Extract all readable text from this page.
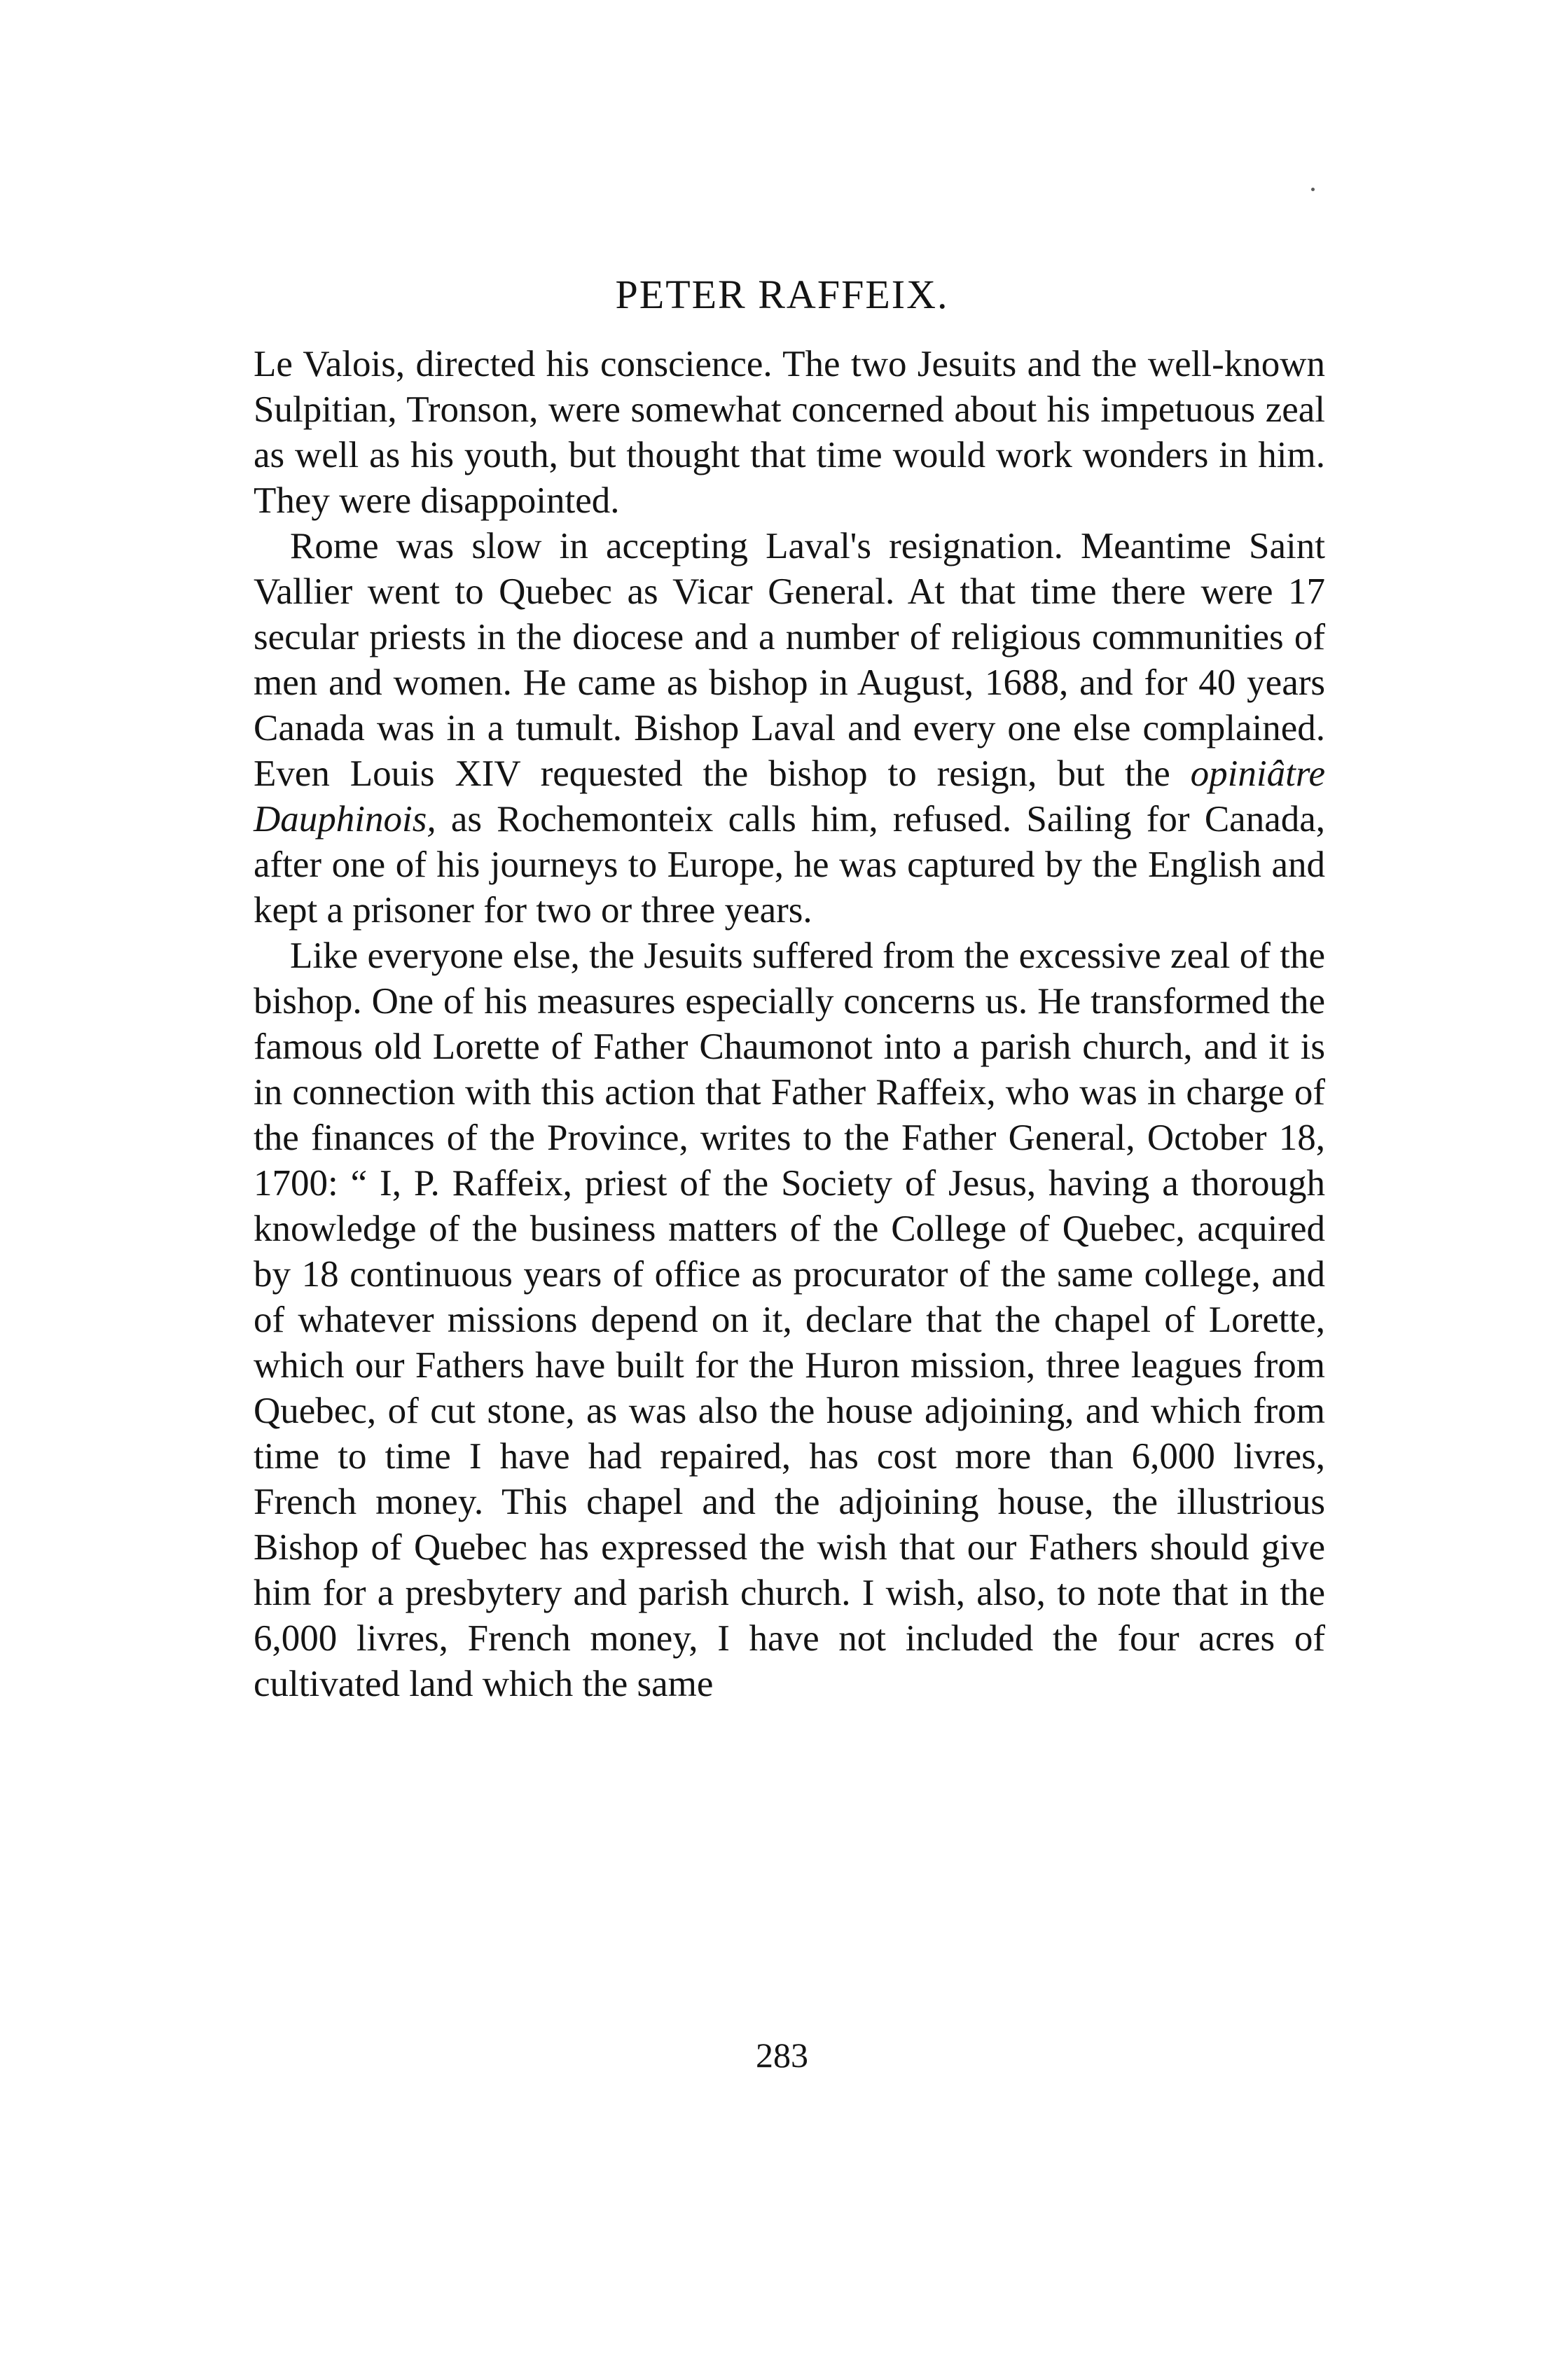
PETER RAFFEIX.

Le Valois, directed his conscience. The two Jesuits and the well-known Sulpitian, Tronson, were somewhat concerned about his impetuous zeal as well as his youth, but thought that time would work wonders in him. They were disappointed.

Rome was slow in accepting Laval's resignation. Meantime Saint Vallier went to Quebec as Vicar General. At that time there were 17 secular priests in the diocese and a number of religious communities of men and women. He came as bishop in August, 1688, and for 40 years Canada was in a tumult. Bishop Laval and every one else complained. Even Louis XIV requested the bishop to resign, but the opiniâtre Dauphinois, as Rochemonteix calls him, refused. Sailing for Canada, after one of his journeys to Europe, he was captured by the English and kept a prisoner for two or three years.

Like everyone else, the Jesuits suffered from the excessive zeal of the bishop. One of his measures especially concerns us. He transformed the famous old Lorette of Father Chaumonot into a parish church, and it is in connection with this action that Father Raffeix, who was in charge of the finances of the Province, writes to the Father General, October 18, 1700: “ I, P. Raffeix, priest of the Society of Jesus, having a thorough knowledge of the business matters of the College of Quebec, acquired by 18 continuous years of office as procurator of the same college, and of whatever missions depend on it, declare that the chapel of Lorette, which our Fathers have built for the Huron mission, three leagues from Quebec, of cut stone, as was also the house adjoining, and which from time to time I have had repaired, has cost more than 6,000 livres, French money. This chapel and the adjoining house, the illustrious Bishop of Quebec has expressed the wish that our Fathers should give him for a presbytery and parish church. I wish, also, to note that in the 6,000 livres, French money, I have not included the four acres of cultivated land which the same

283
